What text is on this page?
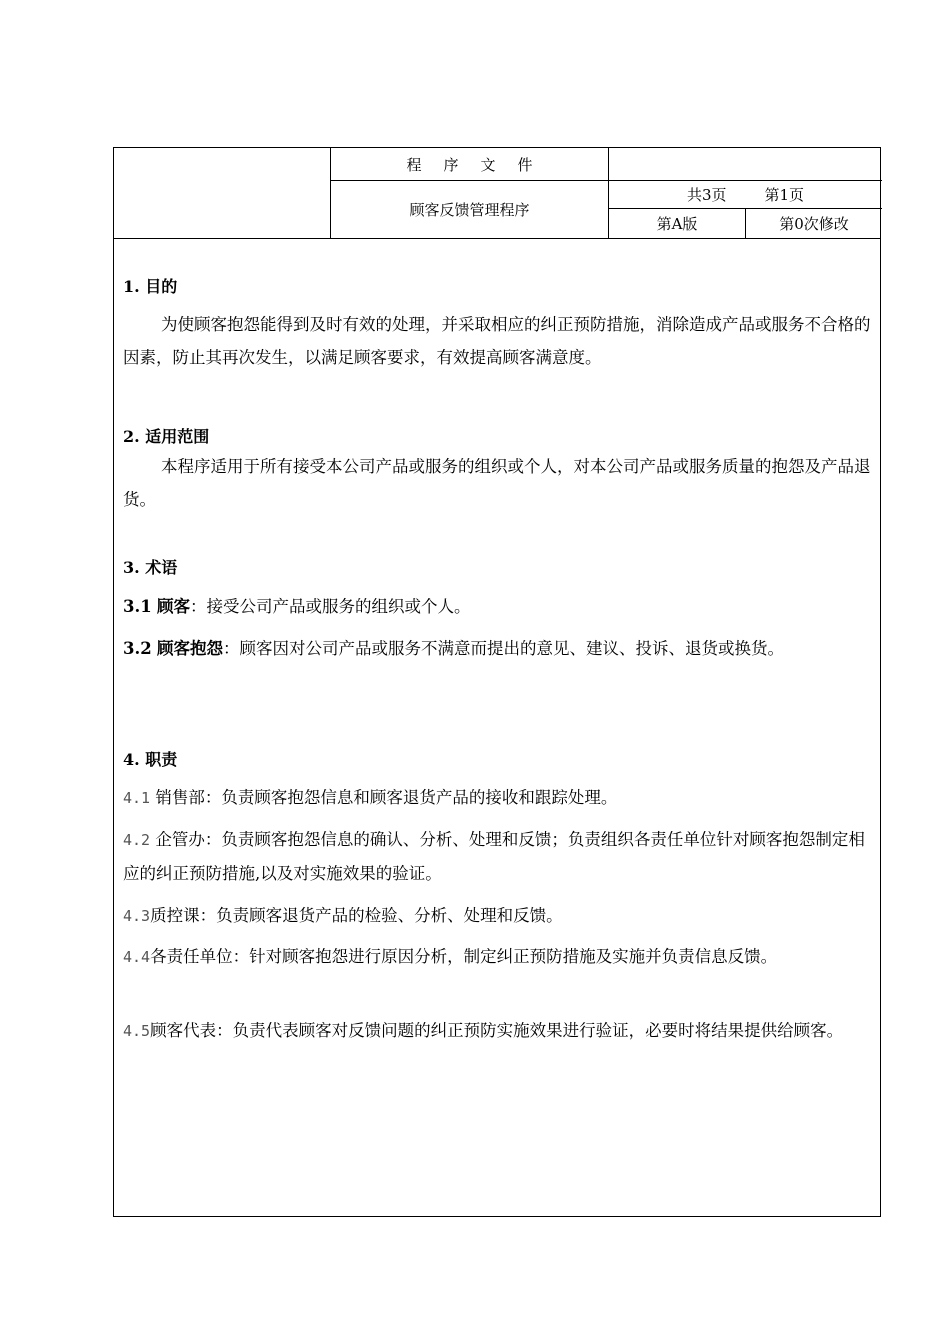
程序文件
顾客反馈管理程序
共3页	第1页
第A版	第0次修改
1. 目的

为使顾客抱怨能得到及时有效的处理，并采取相应的纠正预防措施，消除造成产品或服务不合格的因素，防止其再次发生，以满足顾客要求，有效提高顾客满意度。

2. 适用范围

本程序适用于所有接受本公司产品或服务的组织或个人，对本公司产品或服务质量的抱怨及产品退货。

3. 术语

3.1 顾客：接受公司产品或服务的组织或个人。

3.2 顾客抱怨：顾客因对公司产品或服务不满意而提出的意见、建议、投诉、退货或换货。

4. 职责

4.1 销售部：负责顾客抱怨信息和顾客退货产品的接收和跟踪处理。

4.2 企管办：负责顾客抱怨信息的确认、分析、处理和反馈；负责组织各责任单位针对顾客抱怨制定相应的纠正预防措施,以及对实施效果的验证。

4.3质控课：负责顾客退货产品的检验、分析、处理和反馈。

4.4各责任单位：针对顾客抱怨进行原因分析，制定纠正预防措施及实施并负责信息反馈。

4.5顾客代表：负责代表顾客对反馈问题的纠正预防实施效果进行验证，必要时将结果提供给顾客。
